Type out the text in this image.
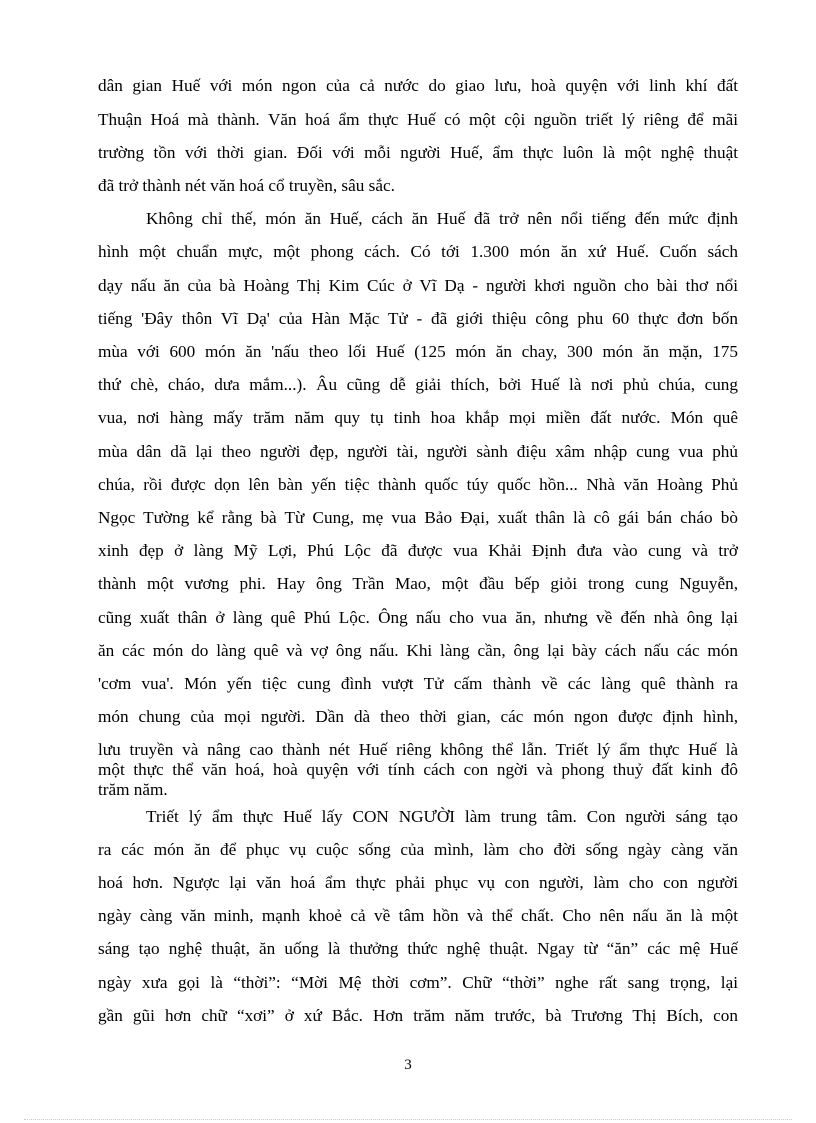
dân gian Huế với món ngon của cả nước do giao lưu, hoà quyện với linh khí đất
Thuận Hoá mà thành. Văn hoá ẩm thực Huế có một cội nguồn triết lý riêng để mãi
trường tồn với thời gian. Đối với mỗi người Huế, ẩm thực luôn là một nghệ thuật
đã trở thành nét văn hoá cổ truyền, sâu sắc.
Không chỉ thế, món ăn Huế, cách ăn Huế đã trở nên nổi tiếng đến mức định
hình một chuẩn mực, một phong cách. Có tới 1.300 món ăn xứ Huế. Cuốn sách
dạy nấu ăn của bà Hoàng Thị Kim Cúc ở Vĩ Dạ - người khơi nguồn cho bài thơ nổi
tiếng 'Đây thôn Vĩ Dạ' của Hàn Mặc Tử - đã giới thiệu công phu 60 thực đơn bốn
mùa với 600 món ăn 'nấu theo lối Huế (125 món ăn chay, 300 món ăn mặn, 175
thứ chè, cháo, dưa mắm...). Âu cũng dễ giải thích, bởi Huế là nơi phủ chúa, cung
vua, nơi hàng mấy trăm năm quy tụ tinh hoa khắp mọi miền đất nước. Món quê
mùa dân dã lại theo người đẹp, người tài, người sành điệu xâm nhập cung vua phủ
chúa, rồi được dọn lên bàn yến tiệc thành quốc túy quốc hồn... Nhà văn Hoàng Phủ
Ngọc Tường kể rằng bà Từ Cung, mẹ vua Bảo Đại, xuất thân là cô gái bán cháo bò
xinh đẹp ở làng Mỹ Lợi, Phú Lộc đã được vua Khải Định đưa vào cung và trở
thành một vương phi. Hay ông Trần Mao, một đầu bếp giỏi trong cung Nguyễn,
cũng xuất thân ở làng quê Phú Lộc. Ông nấu cho vua ăn, nhưng về đến nhà ông lại
ăn các món do làng quê và vợ ông nấu. Khi làng cần, ông lại bày cách nấu các món
'cơm vua'. Món yến tiệc cung đình vượt Tử cấm thành về các làng quê thành ra
món chung của mọi người. Dần dà theo thời gian, các món ngon được định hình,
lưu truyền và nâng cao thành nét Huế riêng không thể lẫn. Triết lý ẩm thực Huế là
một thực thể văn hoá, hoà quyện với tính cách con ngời và phong thuỷ đất kinh đô
trăm năm.
Triết lý ẩm thực Huế lấy CON NGƯỜI làm trung tâm. Con người sáng tạo
ra các món ăn để phục vụ cuộc sống của mình, làm cho đời sống ngày càng văn
hoá hơn. Ngược lại văn hoá ẩm thực phải phục vụ con người, làm cho con người
ngày càng văn minh, mạnh khoẻ cả về tâm hồn và thể chất. Cho nên nấu ăn là một
sáng tạo nghệ thuật, ăn uống là thưởng thức nghệ thuật. Ngay từ “ăn” các mệ Huế
ngày xưa gọi là “thời”: “Mời Mệ thời cơm”. Chữ “thời” nghe rất sang trọng, lại
gần gũi hơn chữ “xơi” ở xứ Bắc. Hơn trăm năm trước, bà Trương Thị Bích, con
3
